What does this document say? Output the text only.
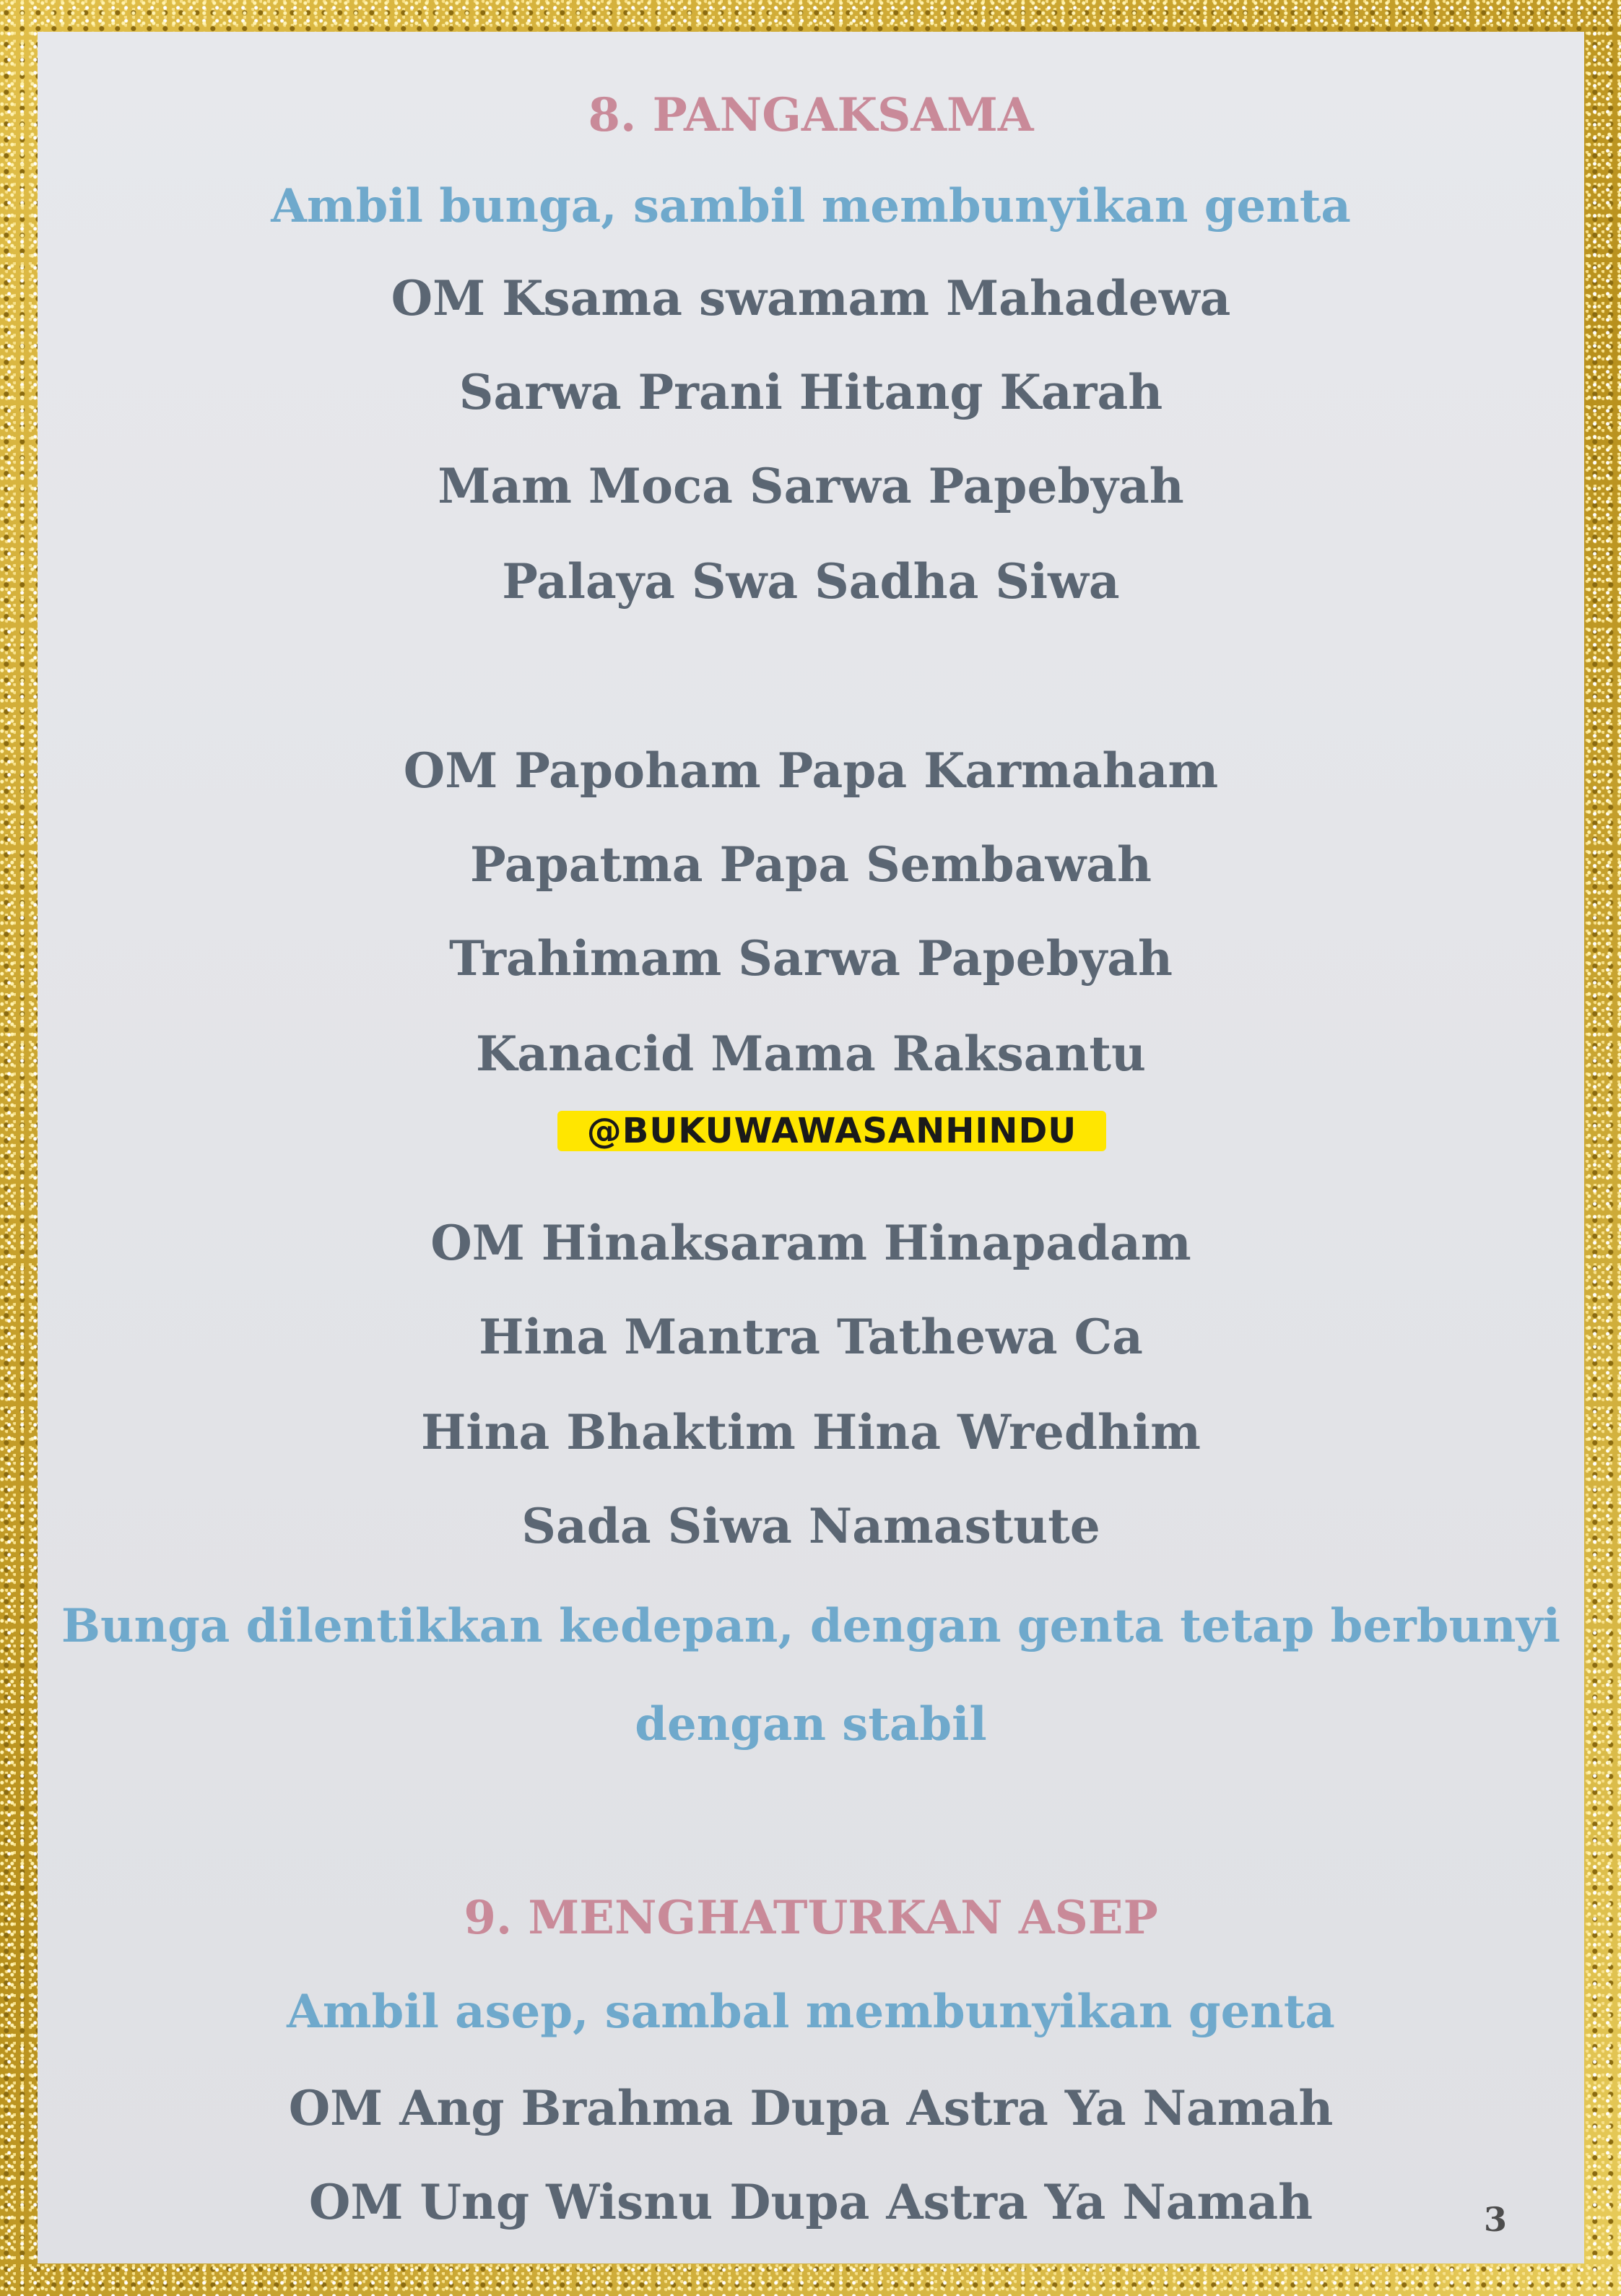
8. PANGAKSAMA
Ambil bunga, sambil membunyikan genta
OM Ksama swamam Mahadewa
Sarwa Prani Hitang Karah
Mam Moca Sarwa Papebyah
Palaya Swa Sadha Siwa
OM Papoham Papa Karmaham
Papatma Papa Sembawah
Trahimam Sarwa Papebyah
Kanacid Mama Raksantu
@BUKUWAWASANHINDU
OM Hinaksaram Hinapadam
Hina Mantra Tathewa Ca
Hina Bhaktim Hina Wredhim
Sada Siwa Namastute
Bunga dilentikkan kedepan, dengan genta tetap berbunyi
dengan stabil
9. MENGHATURKAN ASEP
Ambil asep, sambal membunyikan genta
OM Ang Brahma Dupa Astra Ya Namah
OM Ung Wisnu Dupa Astra Ya Namah	3
